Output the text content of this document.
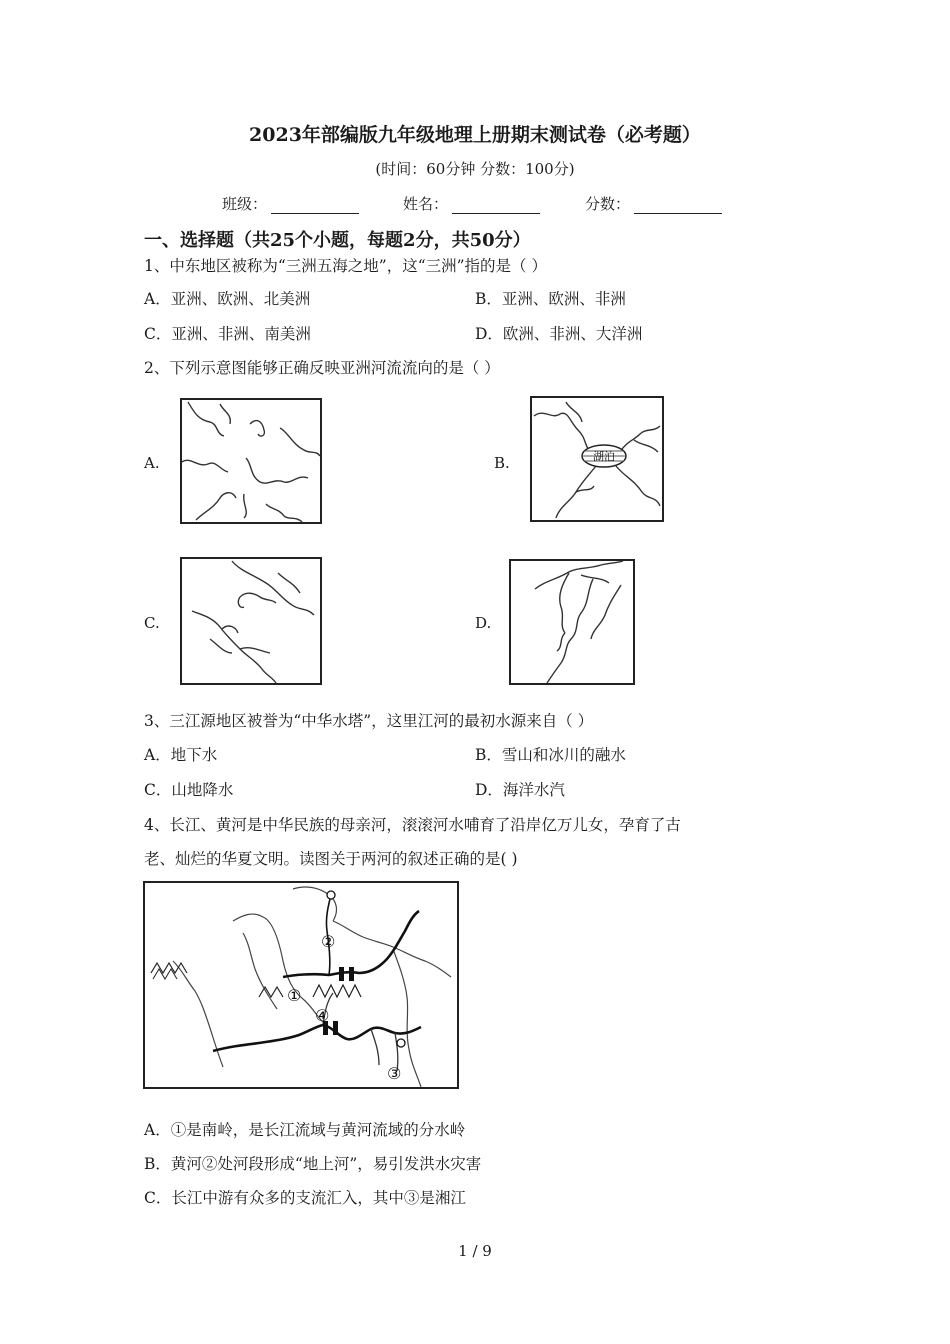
2023年部编版九年级地理上册期末测试卷（必考题）
(时间：60分钟 分数：100分)
班级：	姓名：	分数：
一、选择题（共25个小题，每题2分，共50分）
1、中东地区被称为“三洲五海之地”，这“三洲”指的是（ ）
A．亚洲、欧洲、北美洲	B．亚洲、欧洲、非洲
C．亚洲、非洲、南美洲	D．欧洲、非洲、大洋洲
2、下列示意图能够正确反映亚洲河流流向的是（ ）
A.	B.	湖泊
C.	D.
3、三江源地区被誉为“中华水塔”，这里江河的最初水源来自（ ）
A．地下水	B．雪山和冰川的融水
C．山地降水	D．海洋水汽
4、长江、黄河是中华民族的母亲河，滚滚河水哺育了沿岸亿万儿女，孕育了古
老、灿烂的华夏文明。读图关于两河的叙述正确的是( )
②
①
④
③
A．①是南岭，是长江流域与黄河流域的分水岭
B．黄河②处河段形成“地上河”，易引发洪水灾害
C．长江中游有众多的支流汇入，其中③是湘江
1 / 9
